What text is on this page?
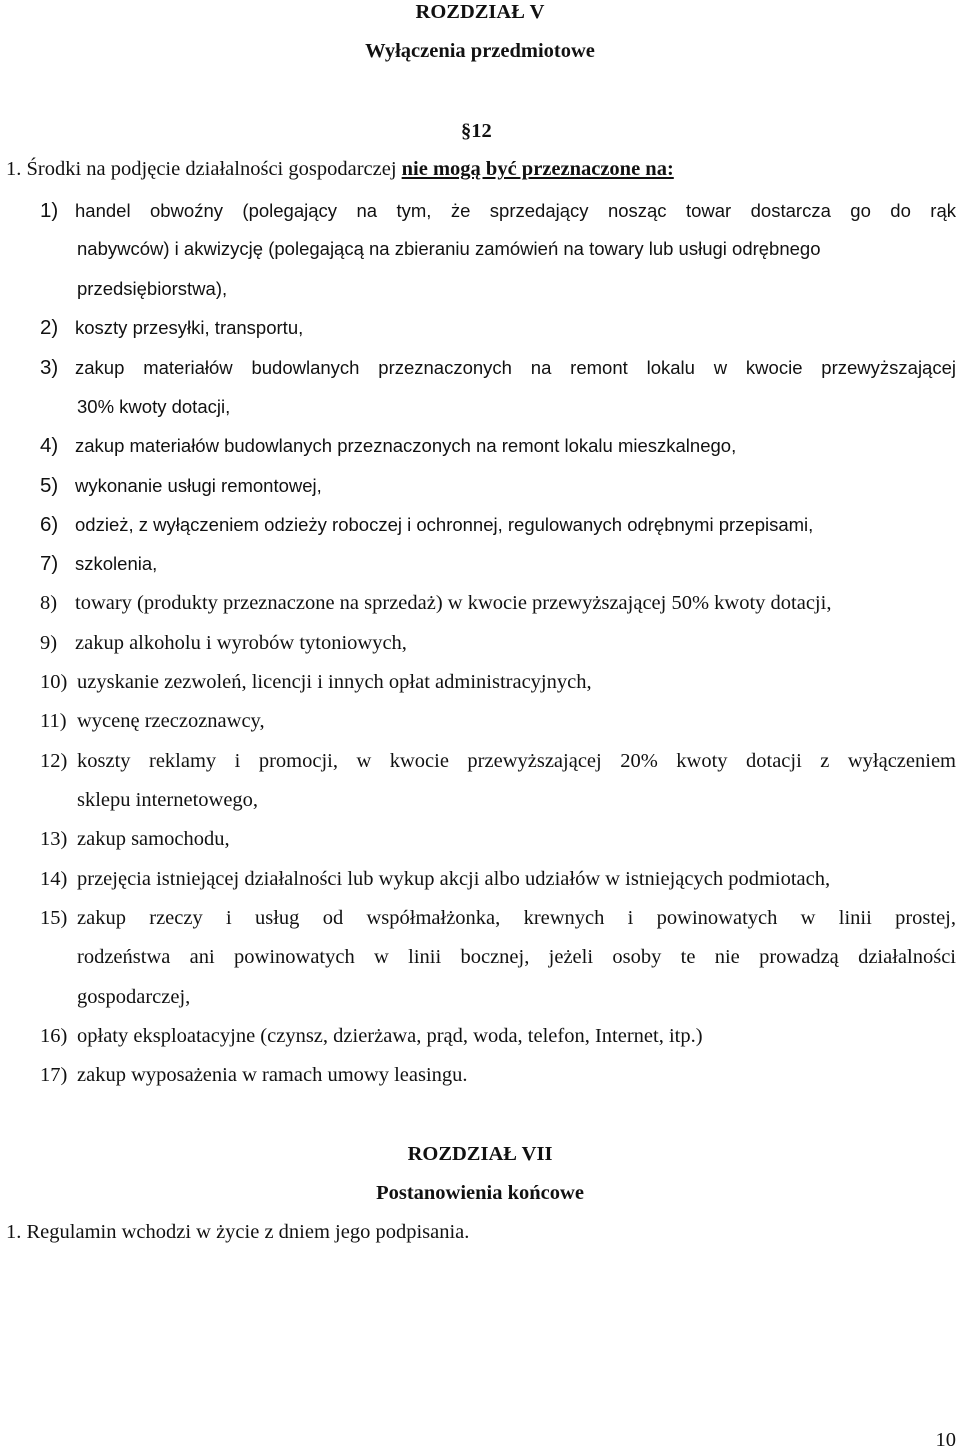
ROZDZIAŁ V
Wyłączenia przedmiotowe
§12
1. Środki na podjęcie działalności gospodarczej nie mogą być przeznaczone na:
1) handel obwoźny (polegający na tym, że sprzedający nosząc towar dostarcza go do rąk
nabywców) i akwizycję (polegającą na zbieraniu zamówień na towary lub usługi odrębnego
przedsiębiorstwa),
2) koszty przesyłki, transportu,
3) zakup materiałów budowlanych przeznaczonych na remont lokalu w kwocie przewyższającej
30% kwoty dotacji,
4) zakup materiałów budowlanych przeznaczonych na remont lokalu mieszkalnego,
5) wykonanie usługi remontowej,
6) odzież, z wyłączeniem odzieży roboczej i ochronnej, regulowanych odrębnymi przepisami,
7) szkolenia,
8) towary (produkty przeznaczone na sprzedaż) w kwocie przewyższającej 50% kwoty dotacji,
9) zakup alkoholu i wyrobów tytoniowych,
10) uzyskanie zezwoleń, licencji i innych opłat administracyjnych,
11) wycenę rzeczoznawcy,
12) koszty reklamy i promocji, w kwocie przewyższającej 20% kwoty dotacji z wyłączeniem
sklepu internetowego,
13) zakup samochodu,
14) przejęcia istniejącej działalności lub wykup akcji albo udziałów w istniejących podmiotach,
15) zakup rzeczy i usług od współmałżonka, krewnych i powinowatych w linii prostej,
rodzeństwa ani powinowatych w linii bocznej, jeżeli osoby te nie prowadzą działalności
gospodarczej,
16) opłaty eksploatacyjne (czynsz, dzierżawa, prąd, woda, telefon, Internet, itp.)
17) zakup wyposażenia w ramach umowy leasingu.
ROZDZIAŁ VII
Postanowienia końcowe
1. Regulamin wchodzi w życie z dniem jego podpisania.
10
